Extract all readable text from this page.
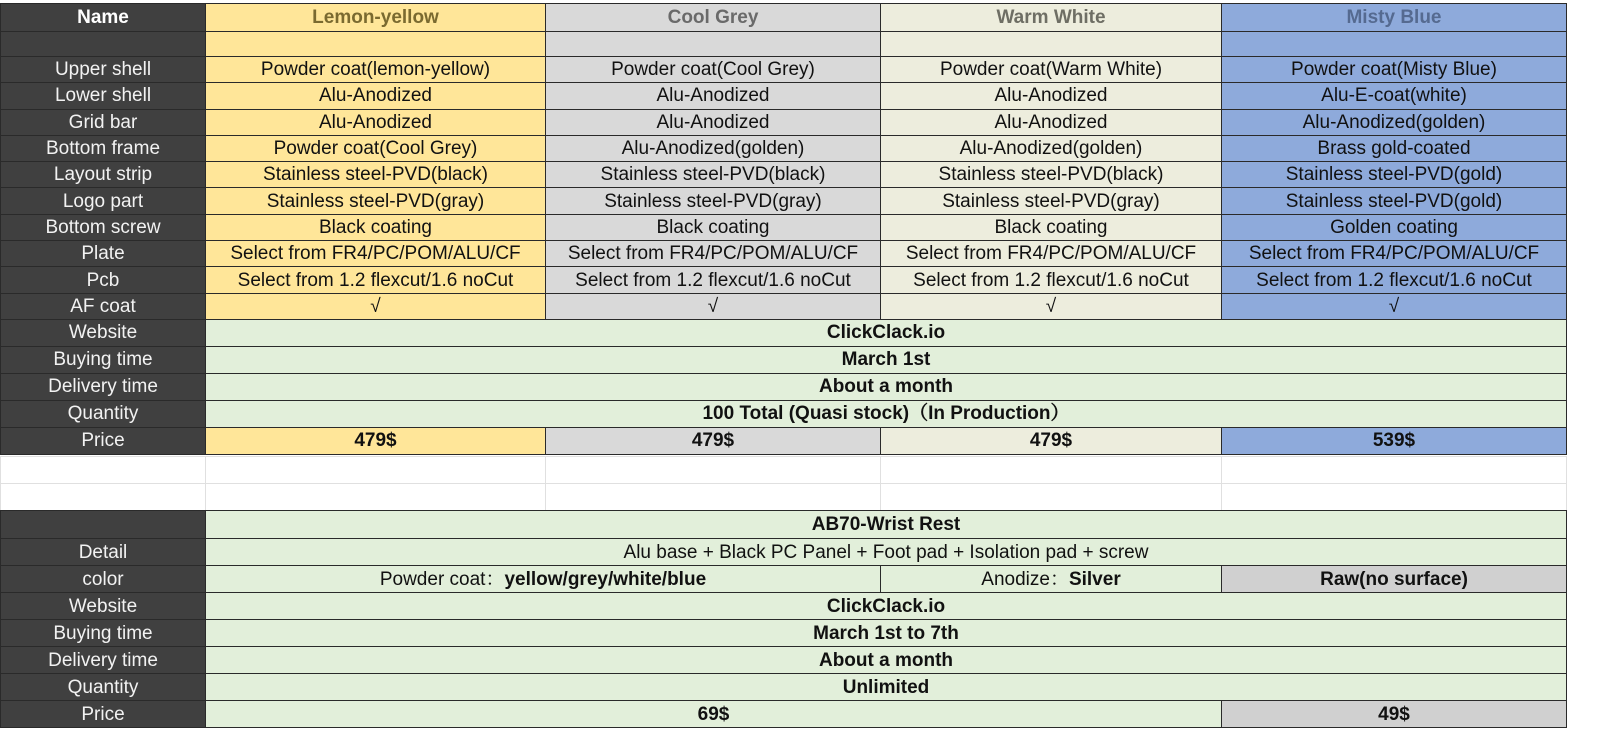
Name	Lemon-yellow	Cool Grey	Warm White	Misty Blue

Upper shell	Powder coat(lemon-yellow)	Powder coat(Cool Grey)	Powder coat(Warm White)	Powder coat(Misty Blue)
Lower shell	Alu-Anodized	Alu-Anodized	Alu-Anodized	Alu-E-coat(white)
Grid bar	Alu-Anodized	Alu-Anodized	Alu-Anodized	Alu-Anodized(golden)
Bottom frame	Powder coat(Cool Grey)	Alu-Anodized(golden)	Alu-Anodized(golden)	Brass gold-coated
Layout strip	Stainless steel-PVD(black)	Stainless steel-PVD(black)	Stainless steel-PVD(black)	Stainless steel-PVD(gold)
Logo part	Stainless steel-PVD(gray)	Stainless steel-PVD(gray)	Stainless steel-PVD(gray)	Stainless steel-PVD(gold)
Bottom screw	Black coating	Black coating	Black coating	Golden coating
Plate	Select from FR4/PC/POM/ALU/CF	Select from FR4/PC/POM/ALU/CF	Select from FR4/PC/POM/ALU/CF	Select from FR4/PC/POM/ALU/CF
Pcb	Select from 1.2 flexcut/1.6 noCut	Select from 1.2 flexcut/1.6 noCut	Select from 1.2 flexcut/1.6 noCut	Select from 1.2 flexcut/1.6 noCut
AF coat	√	√	√	√
Website	ClickClack.io			
Buying time	March 1st			
Delivery time	About a month			
Quantity	100 Total (Quasi stock)（In Production）			
Price	479$	479$	479$	539$

	AB70-Wrist Rest		
Detail	Alu base + Black PC Panel + Foot pad + Isolation pad + screw		
color	Powder coat：yellow/grey/white/blue	Anodize：Silver	Raw(no surface)
Website	ClickClack.io		
Buying time	March 1st to 7th		
Delivery time	About a month		
Quantity	Unlimited		
Price	69$		49$
